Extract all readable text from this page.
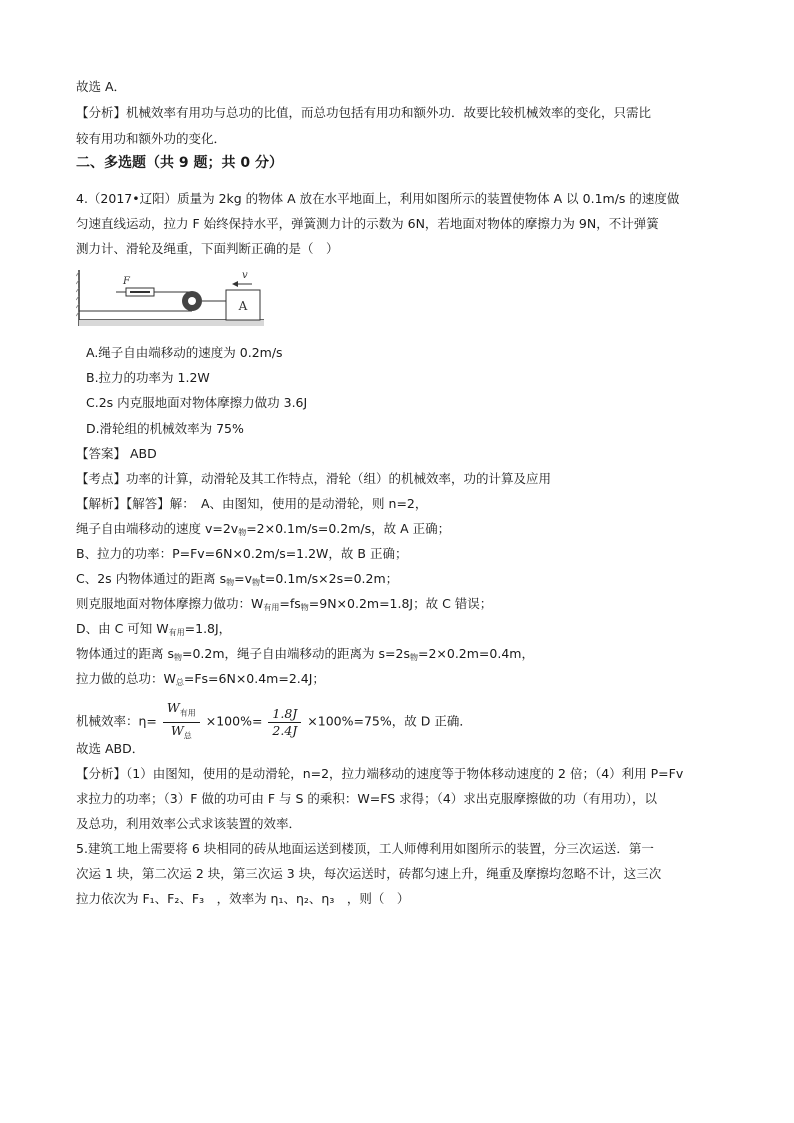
故选 A．
【分析】机械效率有用功与总功的比值，而总功包括有用功和额外功．故要比较机械效率的变化，只需比
较有用功和额外功的变化．
二、多选题（共 9 题；共 0 分）
4.（2017•辽阳）质量为 2kg 的物体 A 放在水平地面上，利用如图所示的装置使物体 A 以 0.1m/s 的速度做
匀速直线运动，拉力 F 始终保持水平，弹簧测力计的示数为 6N，若地面对物体的摩擦力为 9N，不计弹簧
测力计、滑轮及绳重，下面判断正确的是（　）
A
F
v
A.绳子自由端移动的速度为 0.2m/s
B.拉力的功率为 1.2W
C.2s 内克服地面对物体摩擦力做功 3.6J
D.滑轮组的机械效率为 75%
【答案】 ABD
【考点】功率的计算，动滑轮及其工作特点，滑轮（组）的机械效率，功的计算及应用
【解析】【解答】解：　A、由图知，使用的是动滑轮，则 n=2，
绳子自由端移动的速度 $v=2v_物=2\times 0.1m/s=0.2m/s$，故 A 正确；
B、拉力的功率：P=Fv=6N×0.2m/s=1.2W，故 B 正确；
C、2s 内物体通过的距离 $s_物=v_物t=0.1m/s\times 2s=0.2m$；
则克服地面对物体摩擦力做功：$W_{有用}=fs_物=9N\times 0.2m=1.8J$；故 C 错误；
D、由 C 可知 $W_{有用}=1.8J$，
物体通过的距离 $s_物=0.2m$，绳子自由端移动的距离为 $s=2s_物=2\times 0.2m=0.4m$，
拉力做的总功：$W_总=Fs=6N\times 0.4m=2.4J$；
机械效率：$\eta= \frac{W_{有用}}{W_总} \times 100\%= \frac{1.8J}{2.4J} \times 100\%=75\%$，故 D 正确．
故选 ABD．
【分析】（1）由图知，使用的是动滑轮，n=2，拉力端移动的速度等于物体移动速度的 2 倍；（4）利用 P=Fv
求拉力的功率；（3）F 做的功可由 F 与 S 的乘积：W=FS 求得；（4）求出克服摩擦做的功（有用功），以
及总功，利用效率公式求该装置的效率．
5.建筑工地上需要将 6 块相同的砖从地面运送到楼顶，工人师傅利用如图所示的装置，分三次运送．第一
次运 1 块，第二次运 2 块，第三次运 3 块，每次运送时，砖都匀速上升，绳重及摩擦均忽略不计，这三次
拉力依次为 F₁、F₂、F₃　，效率为 η₁、η₂、η₃　，则（　）
